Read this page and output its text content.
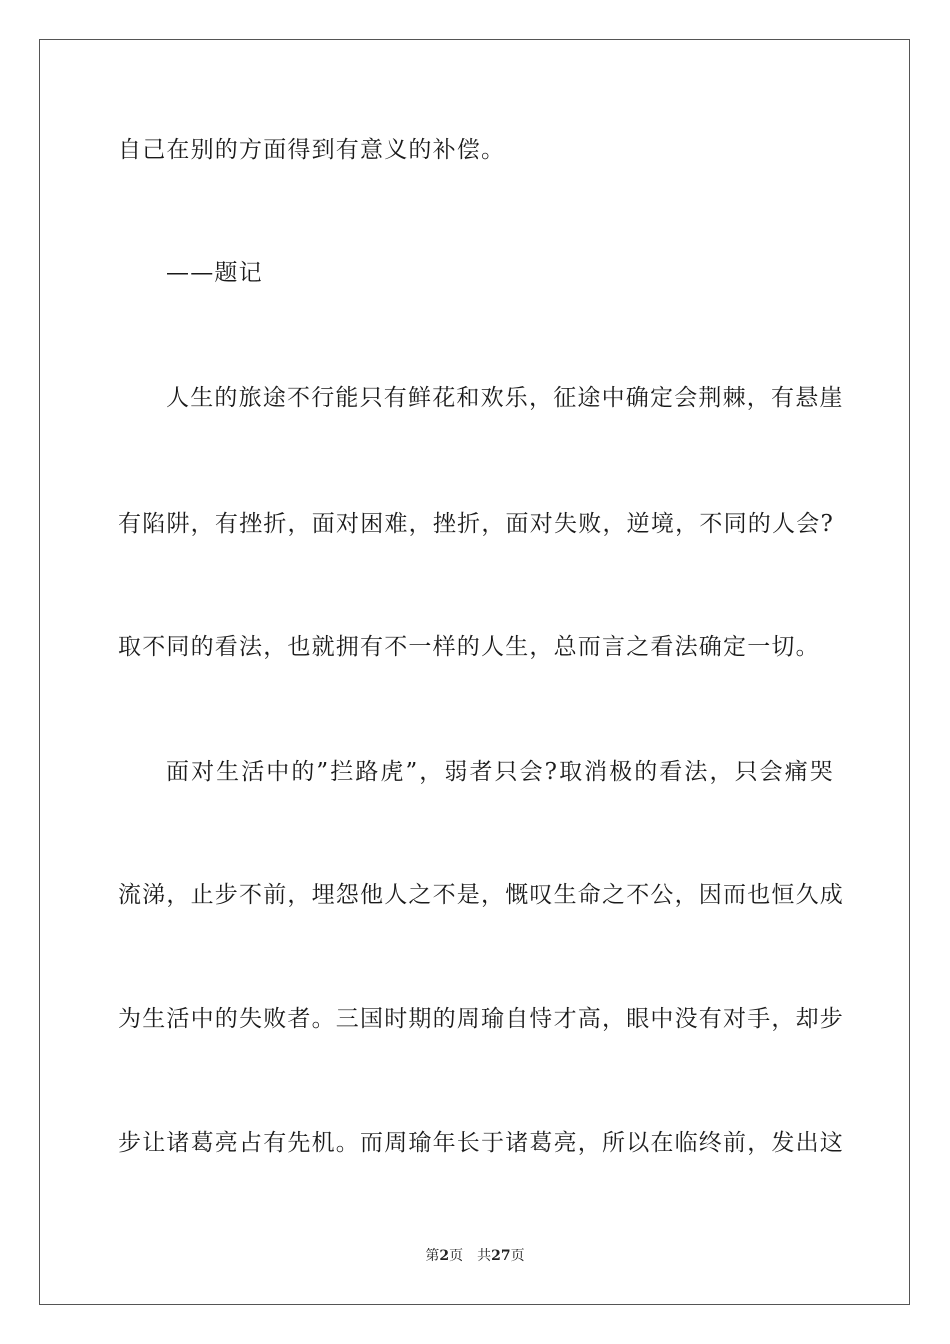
自己在别的方面得到有意义的补偿。
——题记
人生的旅途不行能只有鲜花和欢乐，征途中确定会荆棘，有悬崖
有陷阱，有挫折，面对困难，挫折，面对失败，逆境，不同的人会?
取不同的看法，也就拥有不一样的人生，总而言之看法确定一切。
面对生活中的”拦路虎”，弱者只会?取消极的看法，只会痛哭
流涕，止步不前，埋怨他人之不是，慨叹生命之不公，因而也恒久成
为生活中的失败者。三国时期的周瑜自恃才高，眼中没有对手，却步
步让诸葛亮占有先机。而周瑜年长于诸葛亮，所以在临终前，发出这
第2页 共27页
